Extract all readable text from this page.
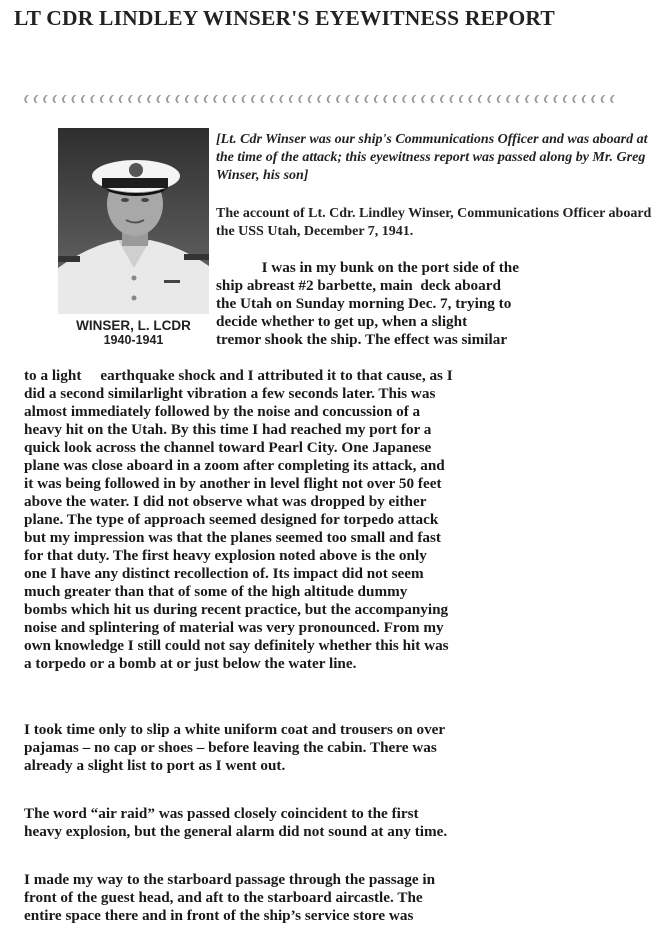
LT CDR LINDLEY WINSER'S EYEWITNESS REPORT
WINSER, L. LCDR
1940-1941
[Lt. Cdr Winser was our ship's Communications Officer and was aboard at the time of the attack; this eyewitness report was passed along by Mr. Greg Winser, his son]
The account of Lt. Cdr. Lindley Winser, Communications Officer aboard the USS Utah, December 7, 1941.
I was in my bunk on the port side of the
ship abreast #2 barbette, main  deck aboard
the Utah on Sunday morning Dec. 7, trying to
decide whether to get up, when a slight
tremor shook the ship. The effect was similar
to a light     earthquake shock and I attributed it to that cause, as I
did a second similarlight vibration a few seconds later. This was
almost immediately followed by the noise and concussion of a
heavy hit on the Utah. By this time I had reached my port for a
quick look across the channel toward Pearl City. One Japanese
plane was close aboard in a zoom after completing its attack, and
it was being followed in by another in level flight not over 50 feet
above the water. I did not observe what was dropped by either
plane. The type of approach seemed designed for torpedo attack
but my impression was that the planes seemed too small and fast
for that duty. The first heavy explosion noted above is the only
one I have any distinct recollection of. Its impact did not seem
much greater than that of some of the high altitude dummy
bombs which hit us during recent practice, but the accompanying
noise and splintering of material was very pronounced. From my
own knowledge I still could not say definitely whether this hit was
a torpedo or a bomb at or just below the water line.
I took time only to slip a white uniform coat and trousers on over
pajamas – no cap or shoes – before leaving the cabin. There was
already a slight list to port as I went out.
The word “air raid” was passed closely coincident to the first
heavy explosion, but the general alarm did not sound at any time.
I made my way to the starboard passage through the passage in
front of the guest head, and aft to the starboard aircastle. The
entire space there and in front of the ship’s service store was
